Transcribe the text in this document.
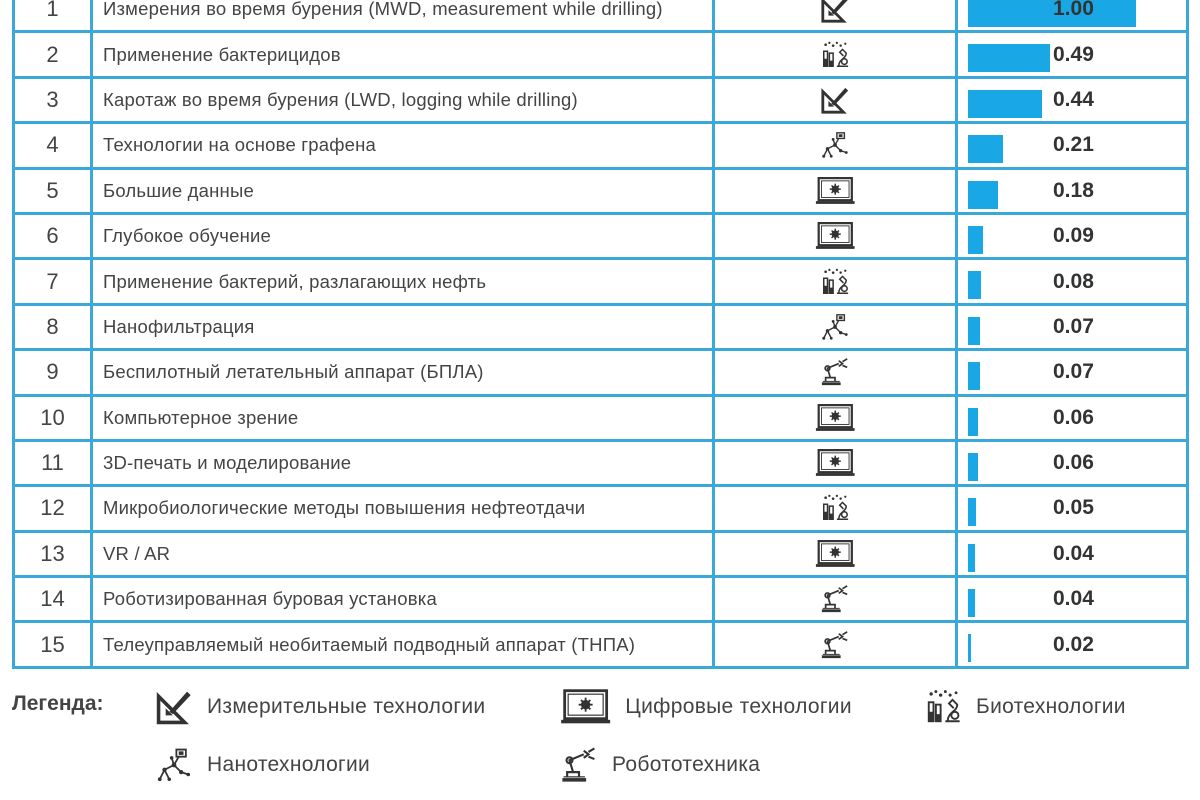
1	Измерения во время бурения (MWD, measurement while drilling)	1.00
2	Применение бактерицидов	0.49
3	Каротаж во время бурения (LWD, logging while drilling)	0.44
4	Технологии на основе графена	0.21
5	Большие данные	0.18
6	Глубокое обучение	0.09
7	Применение бактерий, разлагающих нефть	0.08
8	Нанофильтрация	0.07
9	Беспилотный летательный аппарат (БПЛА)	0.07
10	Компьютерное зрение	0.06
11	3D-печать и моделирование	0.06
12	Микробиологические методы повышения нефтеотдачи	0.05
13	VR / AR	0.04
14	Роботизированная буровая установка	0.04
15	Телеуправляемый необитаемый подводный аппарат (ТНПА)	0.02
Легенда:	Измерительные технологии	Цифровые технологии	Биотехнологии
Нанотехнологии	Робототехника
